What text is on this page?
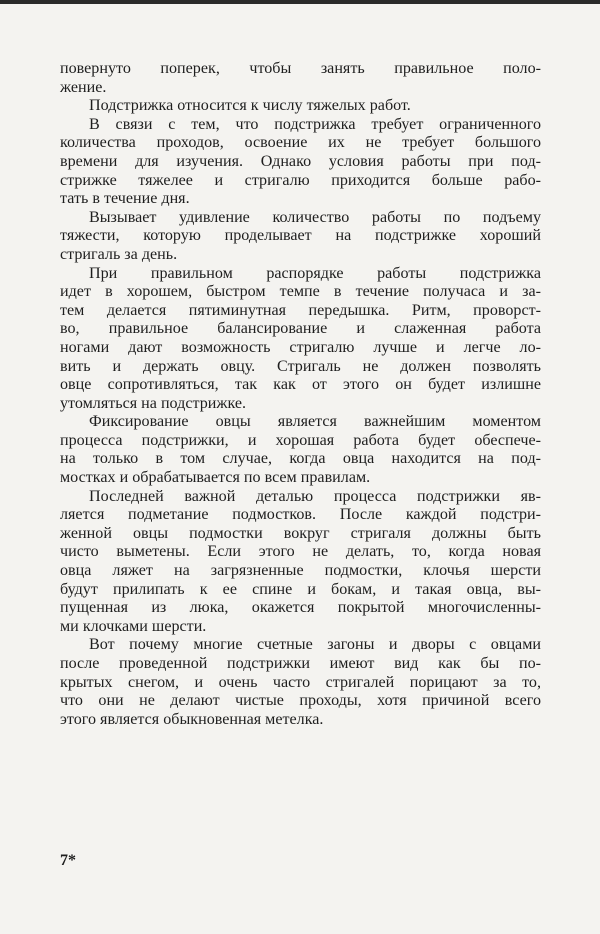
повернуто поперек, чтобы занять правильное поло-
жение.

Подстрижка относится к числу тяжелых работ.

В связи с тем, что подстрижка требует ограниченного
количества проходов, освоение их не требует большого
времени для изучения. Однако условия работы при под-
стрижке тяжелее и стригалю приходится больше рабо-
тать в течение дня.

Вызывает удивление количество работы по подъему
тяжести, которую проделывает на подстрижке хороший
стригаль за день.

При правильном распорядке работы подстрижка
идет в хорошем, быстром темпе в течение получаса и за-
тем делается пятиминутная передышка. Ритм, проворст-
во, правильное балансирование и слаженная работа
ногами дают возможность стригалю лучше и легче ло-
вить и держать овцу. Стригаль не должен позволять
овце сопротивляться, так как от этого он будет излишне
утомляться на подстрижке.

Фиксирование овцы является важнейшим моментом
процесса подстрижки, и хорошая работа будет обеспече-
на только в том случае, когда овца находится на под-
мостках и обрабатывается по всем правилам.

Последней важной деталью процесса подстрижки яв-
ляется подметание подмостков. После каждой подстри-
женной овцы подмостки вокруг стригаля должны быть
чисто выметены. Если этого не делать, то, когда новая
овца ляжет на загрязненные подмостки, клочья шерсти
будут прилипать к ее спине и бокам, и такая овца, вы-
пущенная из люка, окажется покрытой многочисленны-
ми клочками шерсти.

Вот почему многие счетные загоны и дворы с овцами
после проведенной подстрижки имеют вид как бы по-
крытых снегом, и очень часто стригалей порицают за то,
что они не делают чистые проходы, хотя причиной всего
этого является обыкновенная метелка.

7*
